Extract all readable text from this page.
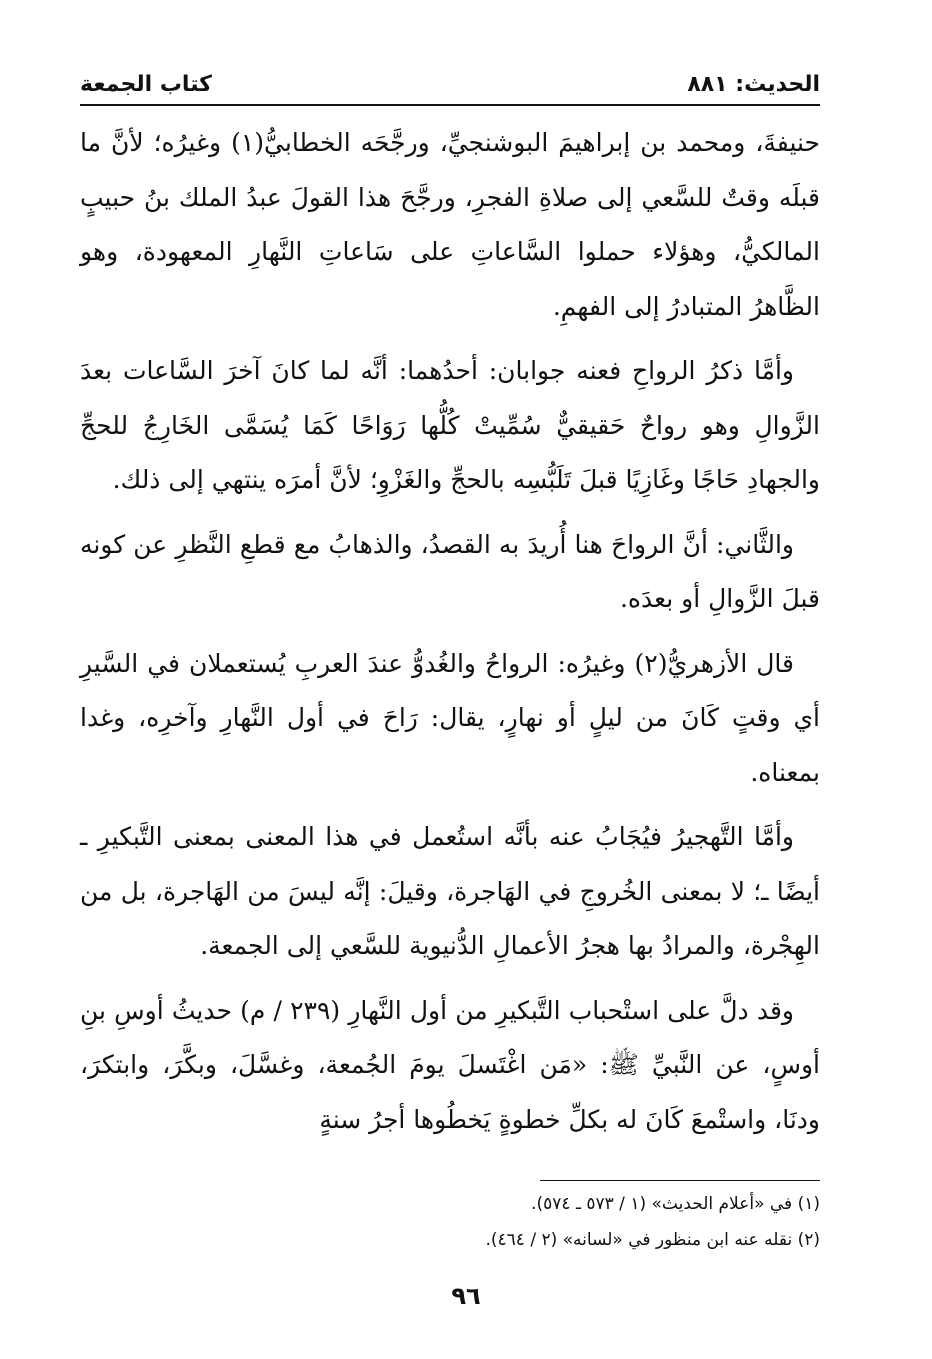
الحديث: ٨٨١
كتاب الجمعة

حنيفةَ، ومحمد بن إبراهيمَ البوشنجيِّ، ورجَّحَه الخطابيُّ(١) وغيرُه؛ لأنَّ ما قبلَه وقتٌ للسَّعي إلى صلاةِ الفجرِ، ورجَّحَ هذا القولَ عبدُ الملك بنُ حبيبٍ المالكيُّ، وهؤلاء حملوا السَّاعاتِ على سَاعاتِ النَّهارِ المعهودة، وهو الظَّاهرُ المتبادرُ إلى الفهمِ.

وأمَّا ذكرُ الرواحِ فعنه جوابان: أحدُهما: أنَّه لما كانَ آخرَ السَّاعات بعدَ الزَّوالِ وهو رواحٌ حَقيقيٌّ سُمِّيتْ كُلُّها رَوَاحًا كَمَا يُسَمَّى الخَارِجُ للحجِّ والجهادِ حَاجًا وغَازِيًا قبلَ تَلَبُّسِه بالحجِّ والغَزْوِ؛ لأنَّ أمرَه ينتهي إلى ذلك.

والثَّاني: أنَّ الرواحَ هنا أُريدَ به القصدُ، والذهابُ مع قطعِ النَّظرِ عن كونه قبلَ الزَّوالِ أو بعدَه.

قال الأزهريُّ(٢) وغيرُه: الرواحُ والغُدوُّ عندَ العربِ يُستعملان في السَّيرِ أي وقتٍ كَانَ من ليلٍ أو نهارٍ، يقال: رَاحَ في أول النَّهارِ وآخرِه، وغدا بمعناه.

وأمَّا التَّهجيرُ فيُجَابُ عنه بأنَّه استُعمل في هذا المعنى بمعنى التَّبكيرِ ـ أيضًا ـ؛ لا بمعنى الخُروجِ في الهَاجرة، وقيلَ: إنَّه ليسَ من الهَاجرة، بل من الهِجْرة، والمرادُ بها هجرُ الأعمالِ الدُّنيوية للسَّعي إلى الجمعة.

وقد دلَّ على استْحباب التَّبكيرِ من أول النَّهارِ (٢٣٩ / م) حديثُ أوسِ بنِ أوسٍ، عن النَّبيِّ ﷺ: «مَن اغْتَسلَ يومَ الجُمعة، وغسَّلَ، وبكَّرَ، وابتكرَ، ودنَا، واستْمعَ كَانَ له بكلِّ خطوةٍ يَخطُوها أجرُ سنةٍ

(١) في «أعلام الحديث» (١ / ٥٧٣ ـ ٥٧٤).
(٢) نقله عنه ابن منظور في «لسانه» (٢ / ٤٦٤).
٩٦
